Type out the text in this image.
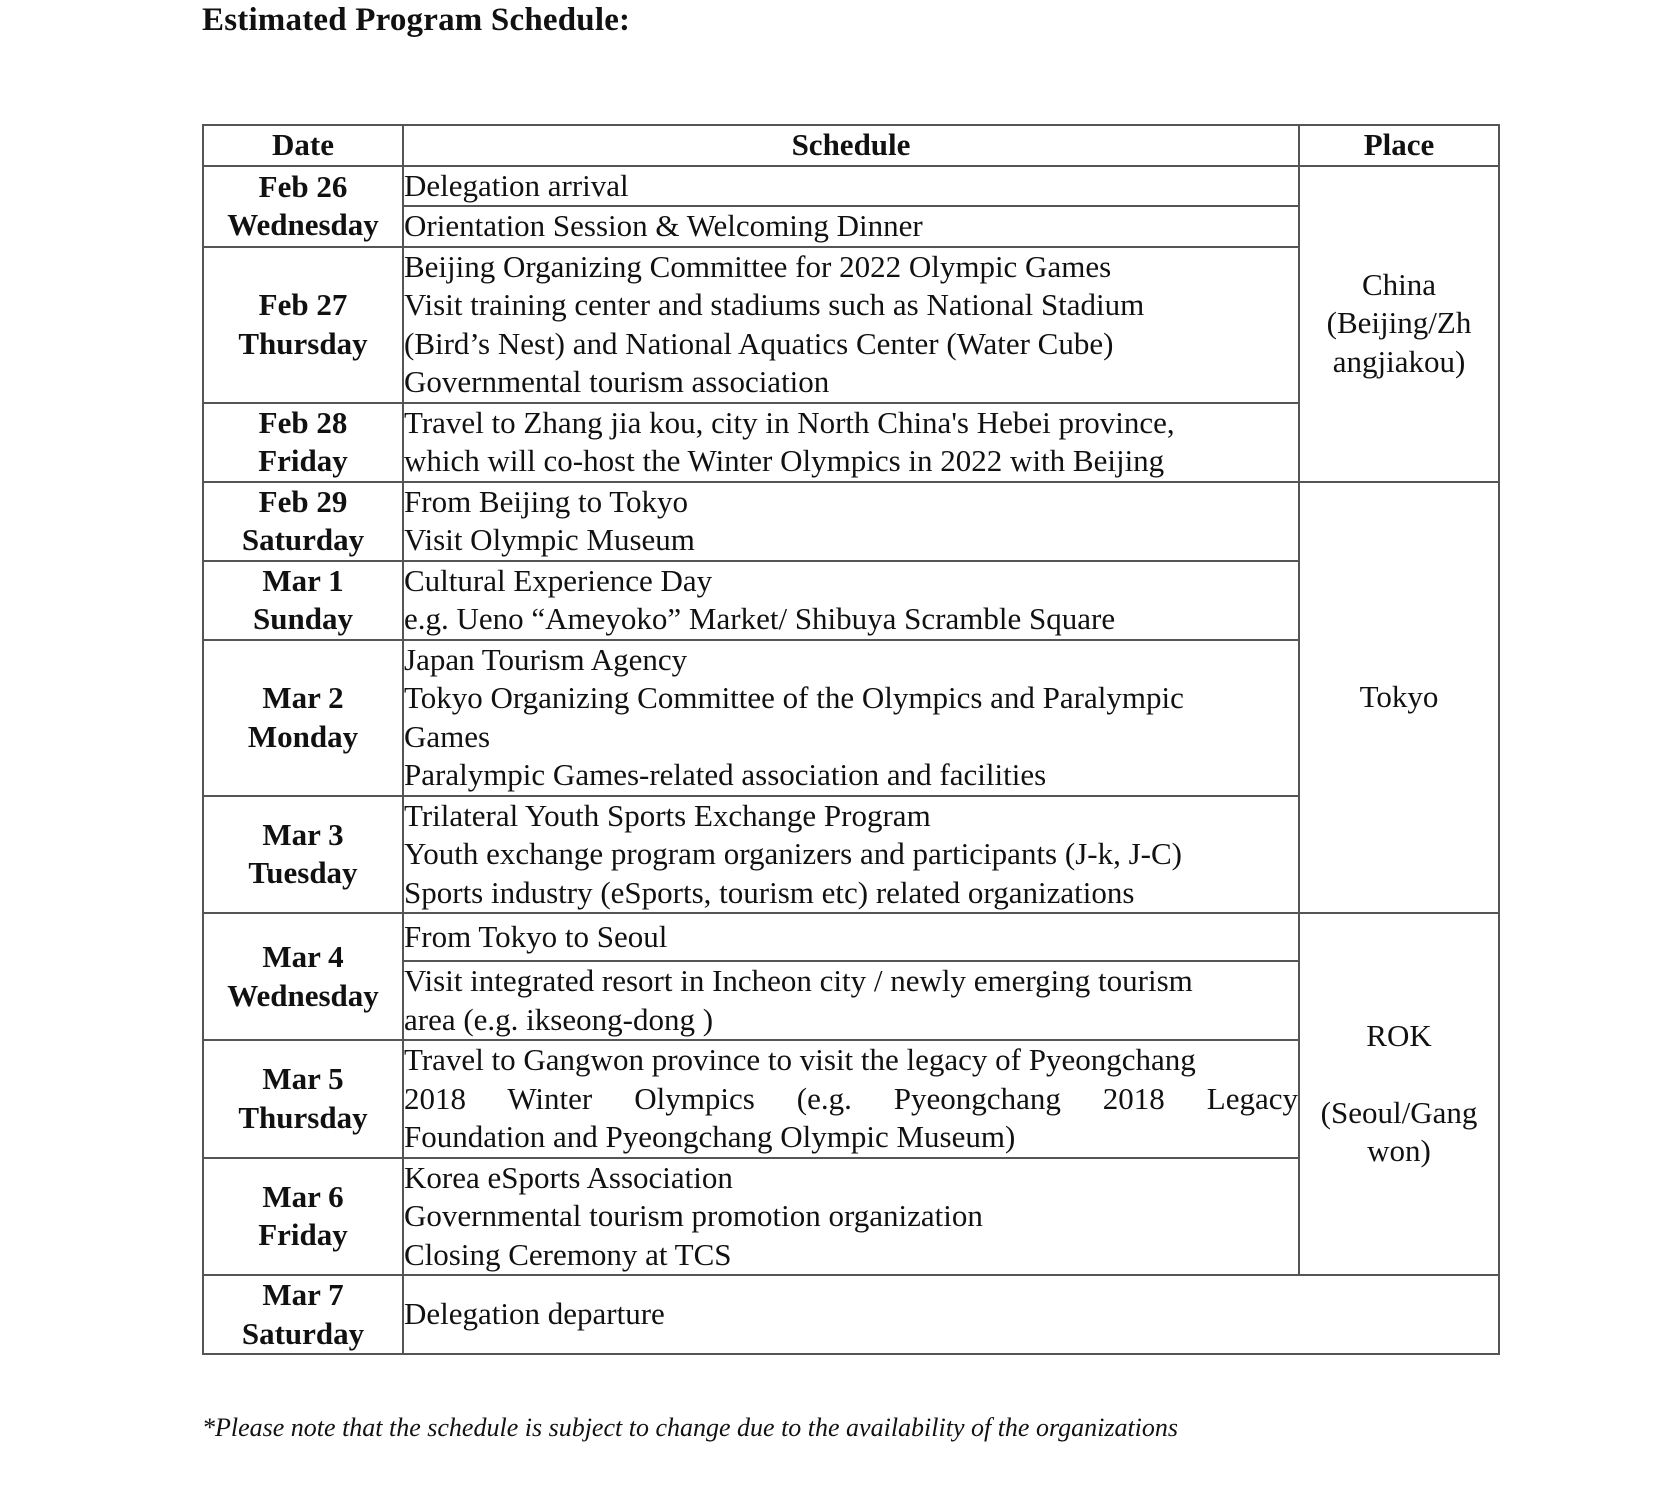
Estimated Program Schedule:
Date	Schedule	Place

Feb 26
Wednesday	Delegation arrival	China
(Beijing/Zh
angjiakou)

	Orientation Session & Welcoming Dinner	

Feb 27
Thursday	Beijing Organizing Committee for 2022 Olympic Games
Visit training center and stadiums such as National Stadium
(Bird’s Nest) and National Aquatics Center (Water Cube)
Governmental tourism association	

Feb 28
Friday	Travel to Zhang jia kou, city in North China's Hebei province,
which will co-host the Winter Olympics in 2022 with Beijing	

Feb 29
Saturday	From Beijing to Tokyo
Visit Olympic Museum	Tokyo

Mar 1
Sunday	Cultural Experience Day
e.g. Ueno “Ameyoko” Market/ Shibuya Scramble Square	

Mar 2
Monday	Japan Tourism Agency
Tokyo Organizing Committee of the Olympics and Paralympic
Games
Paralympic Games-related association and facilities	

Mar 3
Tuesday	Trilateral Youth Sports Exchange Program
Youth exchange program organizers and participants (J-k, J-C)
Sports industry (eSports, tourism etc) related organizations	

Mar 4
Wednesday	From Tokyo to Seoul	ROK
(Seoul/Gang
won)

	Visit integrated resort in Incheon city / newly emerging tourism
area (e.g. ikseong-dong )	

Mar 5
Thursday	Travel to Gangwon province to visit the legacy of Pyeongchang
2018 Winter Olympics (e.g. Pyeongchang 2018 Legacy
Foundation and Pyeongchang Olympic Museum)	

Mar 6
Friday	Korea eSports Association
Governmental tourism promotion organization
Closing Ceremony at TCS	

Mar 7
Saturday	Delegation departure	

*Please note that the schedule is subject to change due to the availability of the organizations
